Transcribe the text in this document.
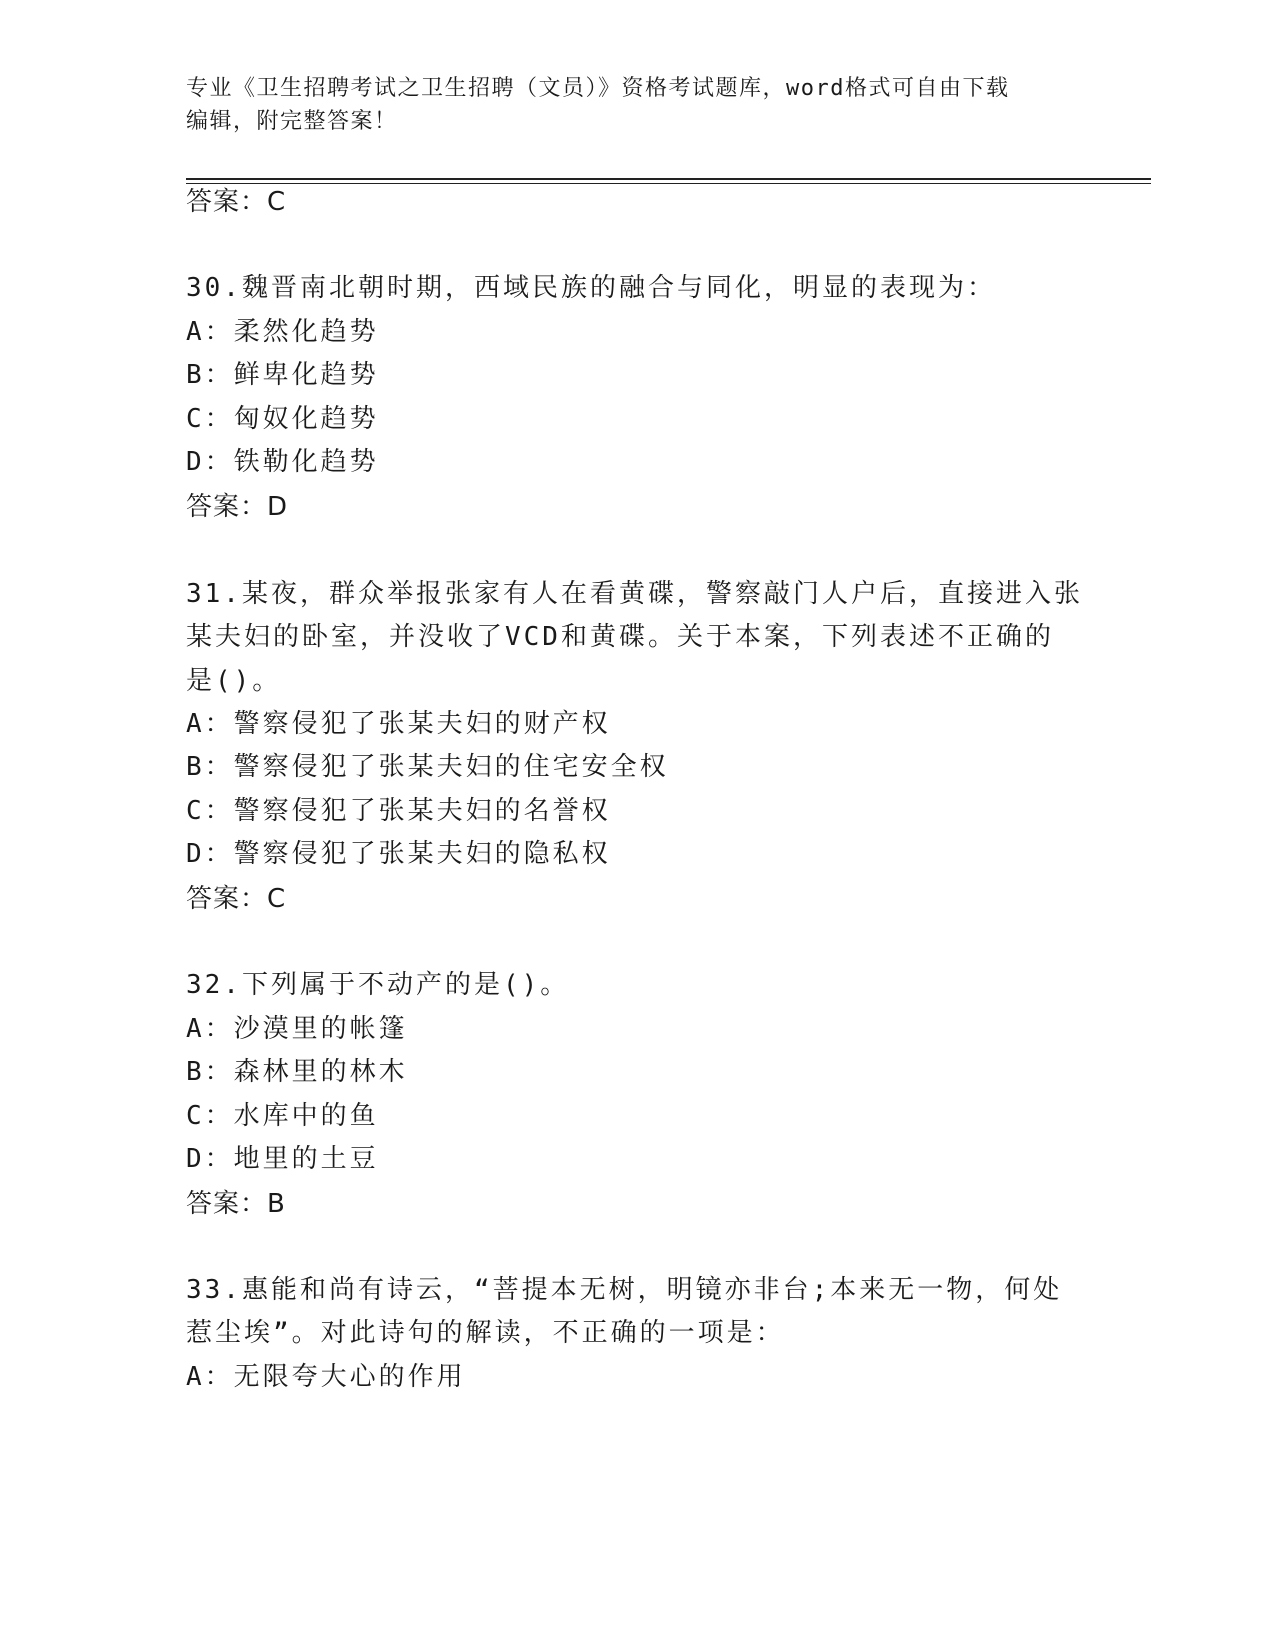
专业《卫生招聘考试之卫生招聘（文员）》资格考试题库，word格式可自由下载
编辑，附完整答案！
答案：C
30.魏晋南北朝时期，西域民族的融合与同化，明显的表现为：
A：柔然化趋势
B：鲜卑化趋势
C：匈奴化趋势
D：铁勒化趋势
答案：D
31.某夜，群众举报张家有人在看黄碟，警察敲门人户后，直接进入张
某夫妇的卧室，并没收了VCD和黄碟。关于本案，下列表述不正确的
是()。
A：警察侵犯了张某夫妇的财产权
B：警察侵犯了张某夫妇的住宅安全权
C：警察侵犯了张某夫妇的名誉权
D：警察侵犯了张某夫妇的隐私权
答案：C
32.下列属于不动产的是()。
A：沙漠里的帐篷
B：森林里的林木
C：水库中的鱼
D：地里的土豆
答案：B
33.惠能和尚有诗云，“菩提本无树，明镜亦非台;本来无一物，何处
惹尘埃”。对此诗句的解读，不正确的一项是：
A：无限夸大心的作用
